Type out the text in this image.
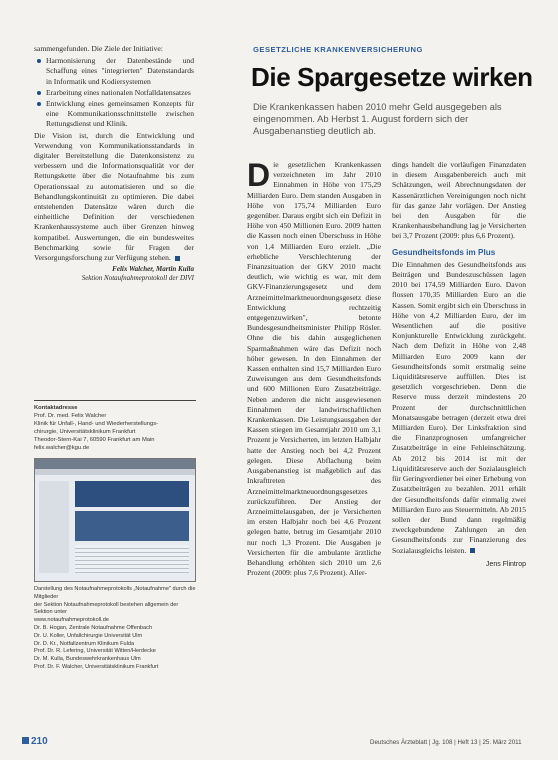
sammengefunden. Die Ziele der Initiative:

Harmonisierung der Datenbestände und Schaffung eines "integrierten" Datenstandards in Informatik und Kodiersystemen
Erarbeitung eines nationalen Notfalldatensatzes
Entwicklung eines gemeinsamen Konzepts für eine Kommunikationsschnittstelle zwischen Rettungsdienst und Klinik.

Die Vision ist, durch die Entwicklung und Verwendung von Kommunikationsstandards in digitaler Bereitstellung die Datenkonsistenz zu verbessern und die Informationsqualität vor der Rettungskette über die Notaufnahme bis zum Operationssaal zu automatisieren und so die Behandlungskontinuität zu optimieren. Die dabei entstehenden Datensätze wären durch die einheitliche Definition der verschiedenen Krankenhaussysteme auch über Grenzen hinweg kompatibel. Auswertungen, die ein bundesweites Benchmarking sowie für Fragen der Versorgungsforschung zur Verfügung stehen.

Felix Walcher, Martin Kulla
Sektion Notaufnahmeprotokoll der DIVI
Kontaktadresse
Prof. Dr. med. Felix Walcher
Klinik für Unfall-, Hand- und Wiederherstellungs-
chirurgie, Universitätsklinikum Frankfurt
Theodor-Stern-Kai 7, 60590 Frankfurt am Main
felix.walcher@kgu.de
Darstellung des Notaufnahmeprotokolls „Notaufnahme" durch die Mitglieder
der Sektion Notaufnahmeprotokoll bestehen allgemein der Sektion unter
www.notaufnahmeprotokoll.de
Dr. B. Hogan, Zentrale Notaufnahme Offenbach
Dr. U. Koller, Unfallchirurgie Universität Ulm
Dr. D. Kr., Notfallzentrum Klinikum Fulda
Prof. Dr. R. Lefering, Universität Witten/Herdecke
Dr. M. Kulla, Bundeswehrkrankenhaus Ulm
Prof. Dr. F. Walcher, Universitätsklinikum Frankfurt
GESETZLICHE KRANKENVERSICHERUNG
Die Spargesetze wirken
Die Krankenkassen haben 2010 mehr Geld ausgegeben als eingenommen. Ab Herbst 1. August fordern sich der Ausgabenanstieg deutlich ab.

Die gesetzlichen Krankenkassen verzeichneten im Jahr 2010 Einnahmen in Höhe von 175,29 Milliarden Euro. Dem standen Ausgaben in Höhe von 175,74 Milliarden Euro gegenüber. Daraus ergibt sich ein Defizit in Höhe von 450 Millionen Euro. 2009 hatten die Kassen noch einen Überschuss in Höhe von 1,4 Milliarden Euro erzielt. „Die erhebliche Verschlechterung der Finanzsituation der GKV 2010 macht deutlich, wie wichtig es war, mit dem GKV-Finanzierungsgesetz und dem Arzneimittelmarktneuordnungsgesetz diese Entwicklung rechtzeitig entgegenzuwirken", betonte Bundesgesundheitsminister Philipp Rösler. Ohne die bis dahin ausgeglichenen Sparmaßnahmen wäre das Defizit noch höher gewesen. In den Einnahmen der Kassen enthalten sind 15,7 Milliarden Euro Zuweisungen aus dem Gesundheitsfonds und 600 Millionen Euro Zusatzbeiträge. Neben anderen die nicht ausgewiesenen Einnahmen der landwirtschaftlichen Krankenkassen. Die Leistungsausgaben der Kassen stiegen im Gesamtjahr 2010 um 3,1 Prozent je Versicherten, im letzten Halbjahr hatte der Anstieg noch bei 4,2 Prozent gelegen. Diese Abflachung beim Ausgabenanstieg ist maßgeblich auf das Inkrafttreten des Arzneimittelmarktneuordnungsgesetzes zurückzuführen. Der Anstieg der Arzneimittelausgaben, der je Versicherten im ersten Halbjahr noch bei 4,6 Prozent gelegen hatte, betrug im Gesamtjahr 2010 nur noch 1,3 Prozent. Die Ausgaben je Versicherten für die ambulante ärztliche Behandlung erhöhten sich 2010 um 2,6 Prozent (2009: plus 7,6 Prozent). Aller-

dings handelt die vorläufigen Finanzdaten in diesem Ausgabenbereich auch mit Schätzungen, weil Abrechnungsdaten der Kassenärztlichen Vereinigungen noch nicht für das ganze Jahr vorlägen. Der Anstieg bei den Ausgaben für die Krankenhausbehandlung lag je Versicherten bei 3,7 Prozent (2009: plus 6,6 Prozent).

Gesundheitsfonds im Plus

Die Einnahmen des Gesundheitsfonds aus Beiträgen und Bundeszuschüssen lagen 2010 bei 174,59 Milliarden Euro. Davon flossen 170,35 Milliarden Euro an die Kassen. Somit ergibt sich ein Überschuss in Höhe von 4,2 Milliarden Euro, der im Wesentlichen auf die positive Konjunkturelle Entwicklung zurückgeht. Nach dem Defizit in Höhe von 2,48 Milliarden Euro 2009 kann der Gesundheitsfonds somit erstmalig seine Liquiditätsreserve auffüllen. Dies ist gesetzlich vorgeschrieben. Denn die Reserve muss derzeit mindestens 20 Prozent der durchschnittlichen Monatsausgabe betragen (derzeit etwa drei Milliarden Euro). Der Linksfraktion sind die Finanzprognosen umfangreicher Zusatzbeiträge in eine Fehleinschätzung. Ab 2012 bis 2014 ist mit der Liquiditätsreserve auch der Sozialausgleich für Geringverdiener bei einer Erhebung von Zusatzbeiträgen zu bezahlen. 2011 erhält der Gesundheitsfonds dafür einmalig zwei Milliarden Euro aus Steuermitteln. Ab 2015 sollen der Bund dann regelmäßig zweckgebundene Zahlungen an den Gesundheitsfonds zur Finanzierung des Sozialausgleichs leisten.

Jens Flintrop
210	Deutsches Ärzteblatt | Jg. 108 | Heft 13 | 25. März 2011
